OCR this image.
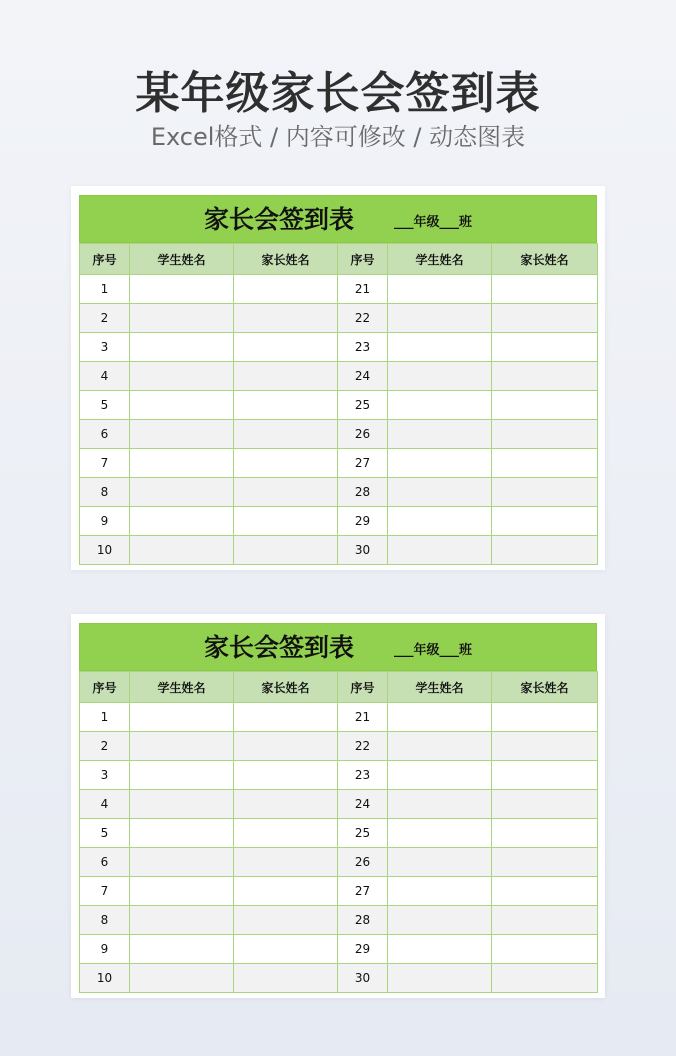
某年级家长会签到表
Excel格式 / 内容可修改 / 动态图表
家长会签到表	___年级___班
序号	学生姓名	家长姓名	序号	学生姓名	家长姓名
1			21		
2			22		
3			23		
4			24		
5			25		
6			26		
7			27		
8			28		
9			29		
10			30		
家长会签到表	___年级___班
序号	学生姓名	家长姓名	序号	学生姓名	家长姓名
1			21		
2			22		
3			23		
4			24		
5			25		
6			26		
7			27		
8			28		
9			29		
10			30		
